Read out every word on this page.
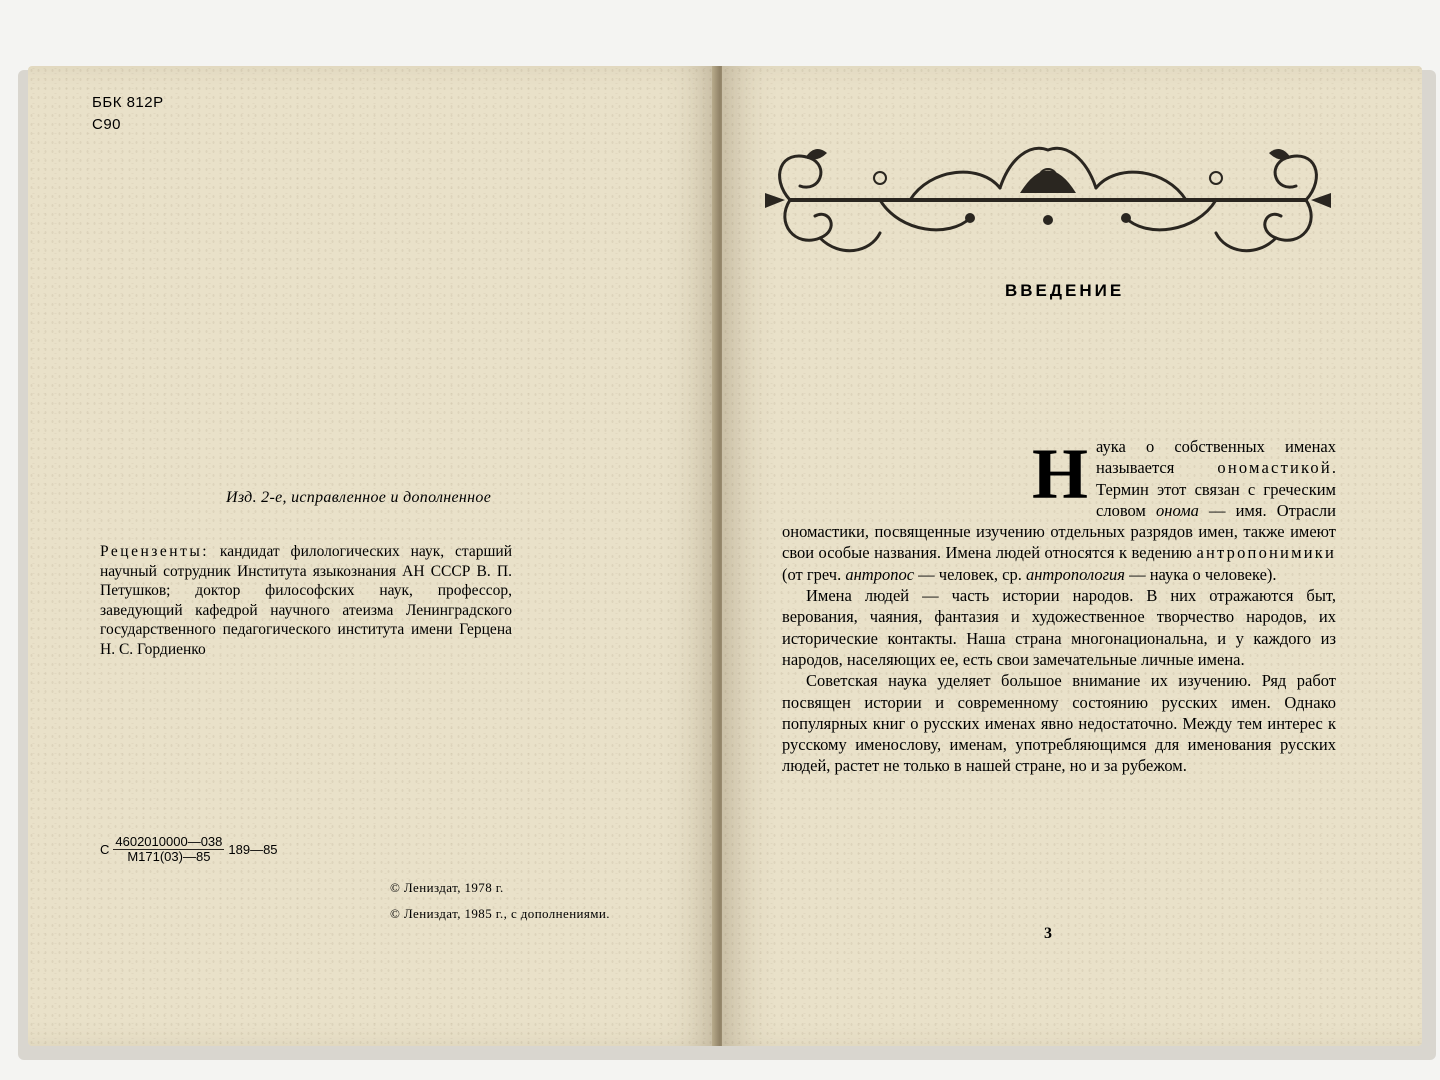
ББК 812Р
С90
Изд. 2-е, исправленное и дополненное
Рецензенты: кандидат филологических наук, старший научный сотрудник Института языкознания АН СССР В. П. Петушков; доктор философских наук, профессор, заведующий кафедрой научного атеизма Ленинградского государственного педагогического института имени Герцена Н. С. Гордиенко
С $\frac{4602010000—038}{М171(03)—85}$ 189—85
© Лениздат, 1978 г.
© Лениздат, 1985 г., с дополнениями.
ВВЕДЕНИЕ
Н аука о собственных именах называется	ономастикой. Термин этот связан с греческим словом онома — имя. Отрасли ономастики, посвященные изучению отдельных разрядов имен, также имеют свои особые названия. Имена людей относятся к ведению антропонимики (от греч. антропос — человек, ср. антропология — наука о человеке).

Имена людей — часть истории народов. В них отражаются быт, верования, чаяния, фантазия и художественное творчество народов, их исторические контакты. Наша страна многонациональна, и у каждого из народов, населяющих ее, есть свои замечательные личные имена.

Советская наука уделяет большое внимание их изучению. Ряд работ посвящен истории и современному состоянию русских имен. Однако популярных книг о русских именах явно недостаточно. Между тем интерес к русскому именослову, именам, употребляющимся для именования русских людей, растет не только в нашей стране, но и за рубежом.

3
